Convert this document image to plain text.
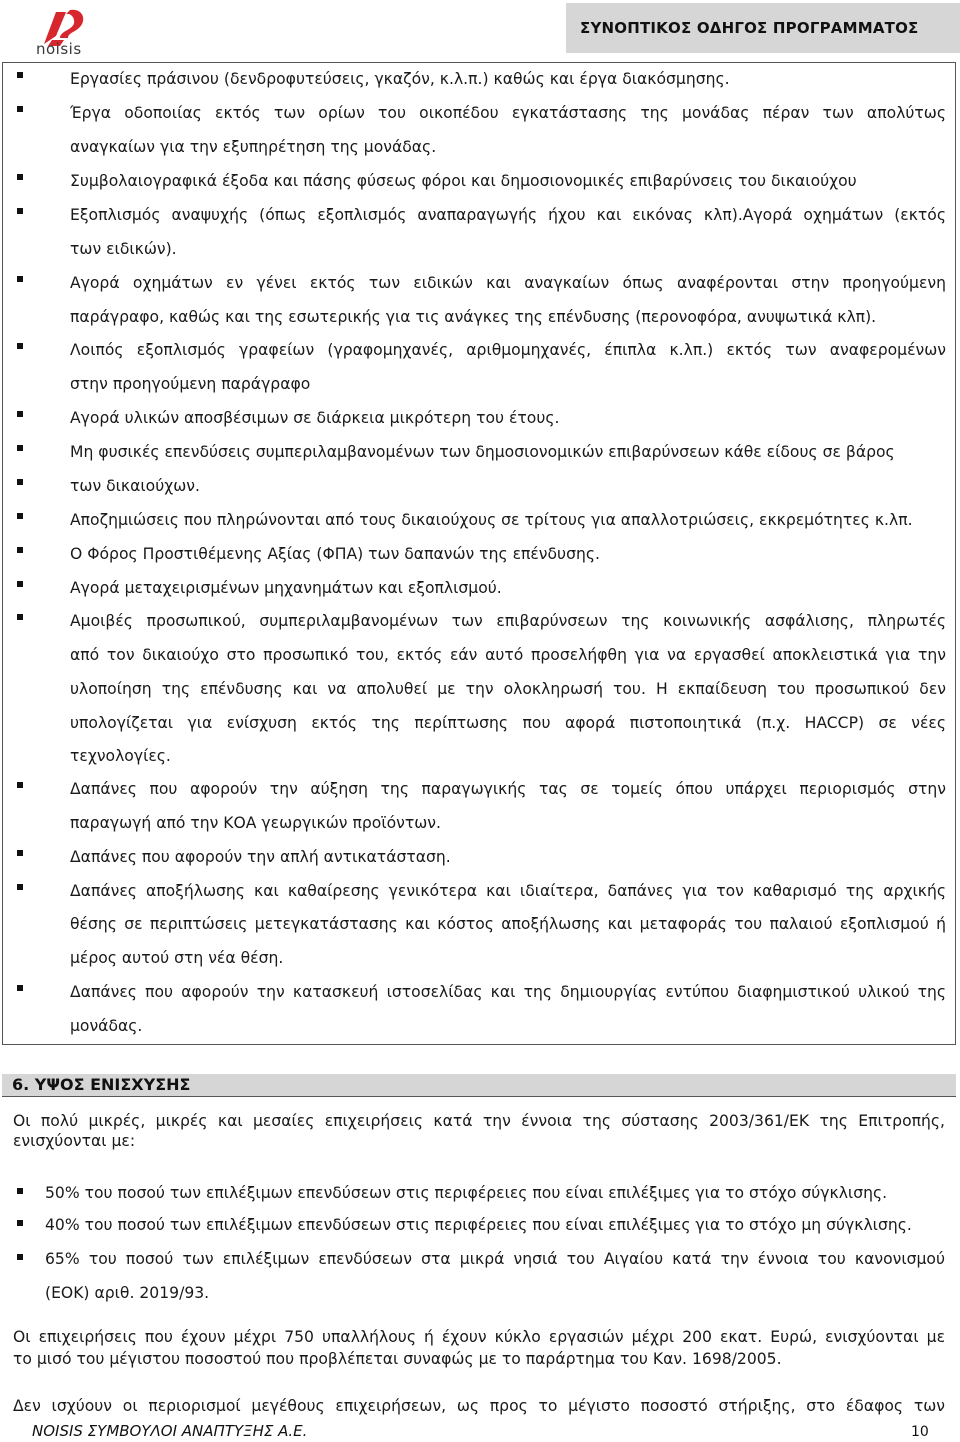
noisis
ΣΥΝΟΠΤΙΚΟΣ ΟΔΗΓΟΣ ΠΡΟΓΡΑΜΜΑΤΟΣ
Εργασίες πράσινου (δενδροφυτεύσεις, γκαζόν, κ.λ.π.) καθώς και έργα διακόσμησης.
Έργα οδοποιίας εκτός των ορίων του οικοπέδου εγκατάστασης της μονάδας πέραν των απολύτως
αναγκαίων για την εξυπηρέτηση της μονάδας.
Συμβολαιογραφικά έξοδα και πάσης φύσεως φόροι και δημοσιονομικές επιβαρύνσεις του δικαιούχου
Εξοπλισμός αναψυχής (όπως εξοπλισμός αναπαραγωγής ήχου και εικόνας κλπ).Αγορά οχημάτων (εκτός
των ειδικών).
Αγορά οχημάτων εν γένει εκτός των ειδικών και αναγκαίων όπως αναφέρονται στην προηγούμενη
παράγραφο, καθώς και της εσωτερικής για τις ανάγκες της επένδυσης (περονοφόρα, ανυψωτικά κλπ).
Λοιπός εξοπλισμός γραφείων (γραφομηχανές, αριθμομηχανές, έπιπλα κ.λπ.) εκτός των αναφερομένων
στην προηγούμενη παράγραφο
Αγορά υλικών αποσβέσιμων σε διάρκεια μικρότερη του έτους.
Μη φυσικές επενδύσεις συμπεριλαμβανομένων των δημοσιονομικών επιβαρύνσεων κάθε είδους σε βάρος
των δικαιούχων.
Αποζημιώσεις που πληρώνονται από τους δικαιούχους σε τρίτους για απαλλοτριώσεις, εκκρεμότητες κ.λπ.
Ο Φόρος Προστιθέμενης Αξίας (ΦΠΑ) των δαπανών της επένδυσης.
Αγορά μεταχειρισμένων μηχανημάτων και εξοπλισμού.
Αμοιβές προσωπικού, συμπεριλαμβανομένων των επιβαρύνσεων της κοινωνικής ασφάλισης, πληρωτές
από τον δικαιούχο στο προσωπικό του, εκτός εάν αυτό προσελήφθη για να εργασθεί αποκλειστικά για την
υλοποίηση της επένδυσης και να απολυθεί με την ολοκληρωσή του. Η εκπαίδευση του προσωπικού δεν
υπολογίζεται για ενίσχυση εκτός της περίπτωσης που αφορά πιστοποιητικά (π.χ. HACCP) σε νέες
τεχνολογίες.
Δαπάνες που αφορούν την αύξηση της παραγωγικής τας σε τομείς όπου υπάρχει περιορισμός στην
παραγωγή από την ΚΟΑ γεωργικών προϊόντων.
Δαπάνες που αφορούν την απλή αντικατάσταση.
Δαπάνες αποξήλωσης και καθαίρεσης γενικότερα και ιδιαίτερα, δαπάνες για τον καθαρισμό της αρχικής
θέσης σε περιπτώσεις μετεγκατάστασης και κόστος αποξήλωσης και μεταφοράς του παλαιού εξοπλισμού ή
μέρος αυτού στη νέα θέση.
Δαπάνες που αφορούν την κατασκευή ιστοσελίδας και της δημιουργίας εντύπου διαφημιστικού υλικού της
μονάδας.
6. ΥΨΟΣ ΕΝΙΣΧΥΣΗΣ
Οι πολύ μικρές, μικρές και μεσαίες επιχειρήσεις κατά την έννοια της σύστασης 2003/361/ΕΚ της Επιτροπής,
ενισχύονται με:
50% του ποσού των επιλέξιμων επενδύσεων στις περιφέρειες που είναι επιλέξιμες για το στόχο σύγκλισης.
40% του ποσού των επιλέξιμων επενδύσεων στις περιφέρειες που είναι επιλέξιμες για το στόχο μη σύγκλισης.
65% του ποσού των επιλέξιμων επενδύσεων στα μικρά νησιά του Αιγαίου κατά την έννοια του κανονισμού
(ΕΟΚ) αριθ. 2019/93.
Οι επιχειρήσεις που έχουν μέχρι 750 υπαλλήλους ή έχουν κύκλο εργασιών μέχρι 200 εκατ. Ευρώ, ενισχύονται με
το μισό του μέγιστου ποσοστού που προβλέπεται συναφώς με το παράρτημα του Καν. 1698/2005.
Δεν ισχύουν οι περιορισμοί μεγέθους επιχειρήσεων, ως προς το μέγιστο ποσοστό στήριξης, στο έδαφος των
NOISIS ΣΥΜΒΟΥΛΟΙ ΑΝΑΠΤΥΞΗΣ Α.Ε.	10
